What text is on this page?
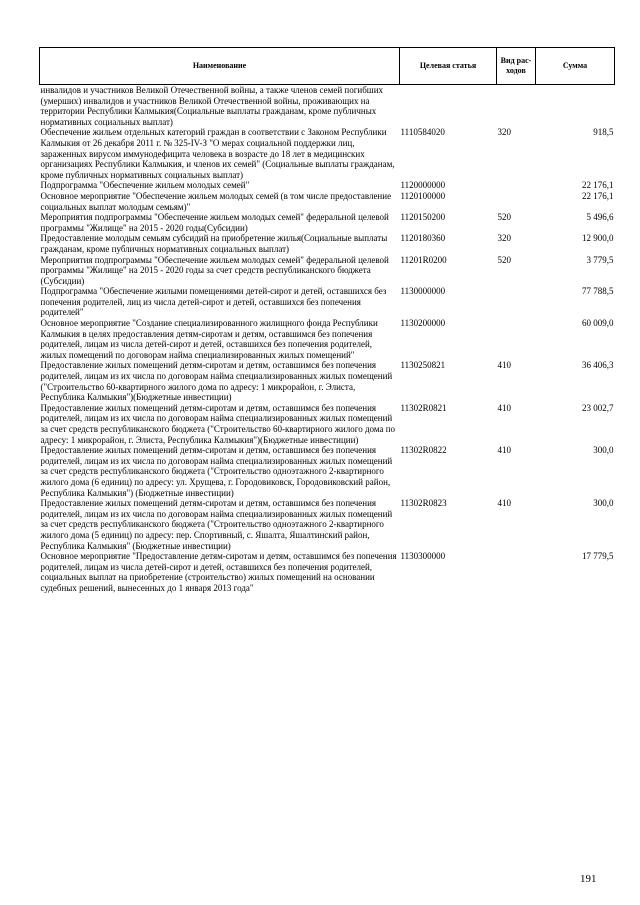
Наименование	Целевая статья	Вид рас-ходов	Сумма
инвалидов и участников Великой Отечественной войны, а также членов семей погибших (умерших) инвалидов и участников Великой Отечественной войны, проживающих на территории Республики Калмыкия(Социальные выплаты гражданам, кроме публичных нормативных социальных выплат)			
Обеспечение жильем отдельных категорий граждан в соответствии с Законом Республики Калмыкия от 26 декабря 2011 г. № 325-IV-З "О мерах социальной поддержки лиц, зараженных вирусом иммунодефицита человека в возрасте до 18 лет в медицинских организациях Республики Калмыкия, и членов их семей" (Социальные выплаты гражданам, кроме публичных нормативных социальных выплат)	1110584020	320	918,5
Подпрограмма "Обеспечение жильем молодых семей"	1120000000		22 176,1
Основное мероприятие "Обеспечение жильем молодых семей (в том числе предоставление социальных выплат молодым семьям)"	1120100000		22 176,1
Мероприятия подпрограммы "Обеспечение жильем молодых семей" федеральной целевой программы "Жилище" на 2015 - 2020 годы(Субсидии)	1120150200	520	5 496,6
Предоставление молодым семьям субсидий на приобретение жилья(Социальные выплаты гражданам, кроме публичных нормативных социальных выплат)	1120180360	320	12 900,0
Мероприятия подпрограммы "Обеспечение жильем молодых семей" федеральной целевой программы "Жилище" на 2015 - 2020 годы за счет средств республиканского бюджета (Субсидии)	11201R0200	520	3 779,5
Подпрограмма "Обеспечение жилыми помещениями детей-сирот и детей, оставшихся без попечения родителей, лиц из числа детей-сирот и детей, оставшихся без попечения родителей"	1130000000		77 788,5
Основное мероприятие "Создание специализированного жилищного фонда Республики Калмыкия в целях предоставления детям-сиротам и детям, оставшимся без попечения родителей, лицам из числа детей-сирот и детей, оставшихся без попечения родителей, жилых помещений по договорам найма специализированных жилых помещений"	1130200000		60 009,0
Предоставление жилых помещений детям-сиротам и детям, оставшимся без попечения родителей, лицам из их числа по договорам найма специализированных жилых помещений ("Строительство 60-квартирного жилого дома по адресу: 1 микрорайон, г. Элиста, Республика Калмыкия")(Бюджетные инвестиции)	1130250821	410	36 406,3
Предоставление жилых помещений детям-сиротам и детям, оставшимся без попечения родителей, лицам из их числа по договорам найма специализированных жилых помещений за счет средств республиканского бюджета ("Строительство 60-квартирного жилого дома по адресу: 1 микрорайон, г. Элиста, Республика Калмыкия")(Бюджетные инвестиции)	11302R0821	410	23 002,7
Предоставление жилых помещений детям-сиротам и детям, оставшимся без попечения родителей, лицам из их числа по договорам найма специализированных жилых помещений за счет средств республиканского бюджета ("Строительство одноэтажного 2-квартирного жилого дома (6 единиц) по адресу: ул. Хрущева, г. Городовиковск, Городовиковский район, Республика Калмыкия") (Бюджетные инвестиции)	11302R0822	410	300,0
Предоставление жилых помещений детям-сиротам и детям, оставшимся без попечения родителей, лицам из их числа по договорам найма специализированных жилых помещений за счет средств республиканского бюджета ("Строительство одноэтажного 2-квартирного жилого дома (5 единиц) по адресу: пер. Спортивный, с. Яшалта, Яшалтинский район, Республика Калмыкия" (Бюджетные инвестиции)	11302R0823	410	300,0
Основное мероприятие "Предоставление детям-сиротам и детям, оставшимся без попечения родителей, лицам из числа детей-сирот и детей, оставшихся без попечения родителей, социальных выплат на приобретение (строительство) жилых помещений на основании судебных решений, вынесенных до 1 января 2013 года"	1130300000		17 779,5
191
